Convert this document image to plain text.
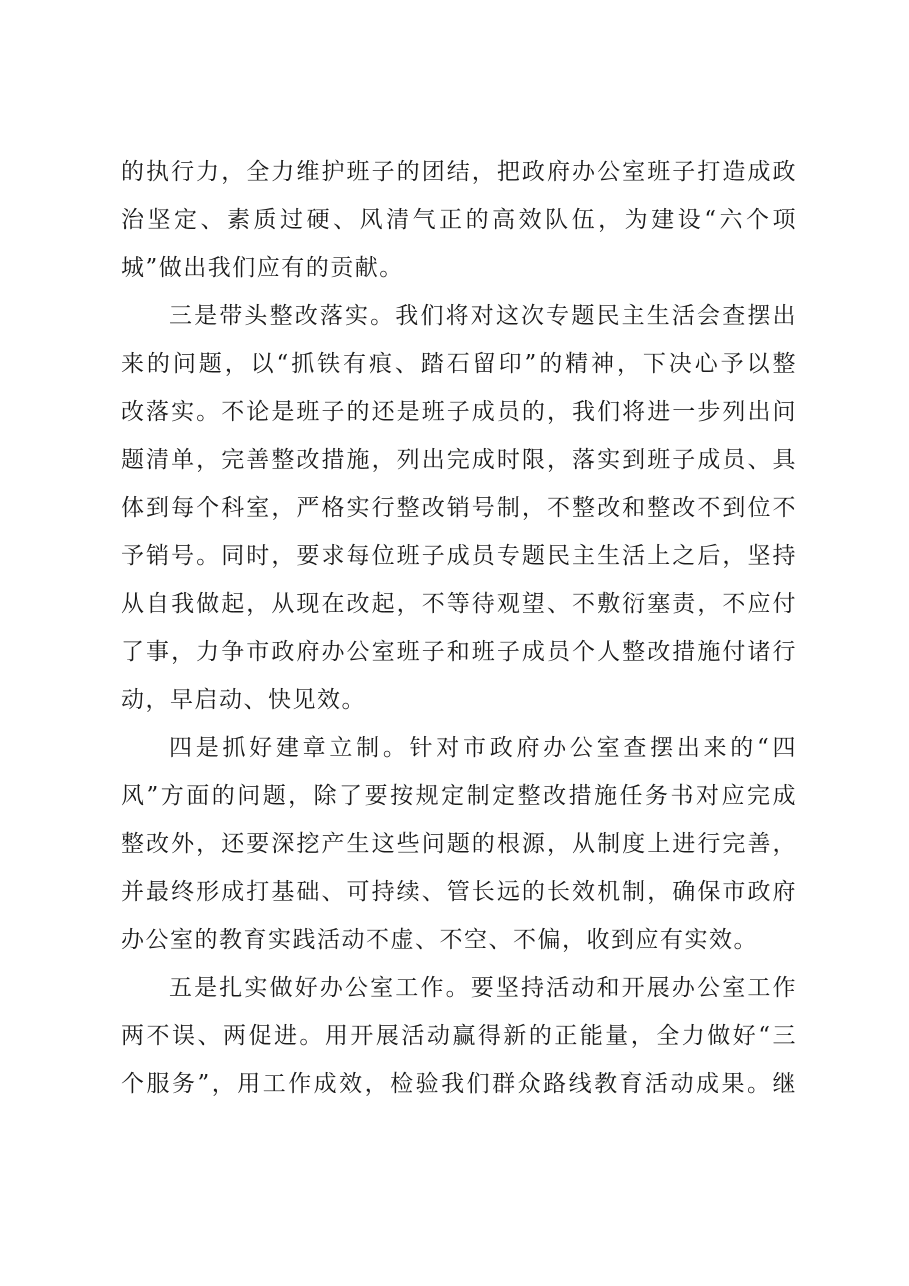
的执行力，全力维护班子的团结，把政府办公室班子打造成政
治坚定、素质过硬、风清气正的高效队伍，为建设“六个项
城”做出我们应有的贡献。
三是带头整改落实。我们将对这次专题民主生活会查摆出
来的问题，以“抓铁有痕、踏石留印”的精神，下决心予以整
改落实。不论是班子的还是班子成员的，我们将进一步列出问
题清单，完善整改措施，列出完成时限，落实到班子成员、具
体到每个科室，严格实行整改销号制，不整改和整改不到位不
予销号。同时，要求每位班子成员专题民主生活上之后，坚持
从自我做起，从现在改起，不等待观望、不敷衍塞责，不应付
了事，力争市政府办公室班子和班子成员个人整改措施付诸行
动，早启动、快见效。
四是抓好建章立制。针对市政府办公室查摆出来的“四
风”方面的问题，除了要按规定制定整改措施任务书对应完成
整改外，还要深挖产生这些问题的根源，从制度上进行完善，
并最终形成打基础、可持续、管长远的长效机制，确保市政府
办公室的教育实践活动不虚、不空、不偏，收到应有实效。
五是扎实做好办公室工作。要坚持活动和开展办公室工作
两不误、两促进。用开展活动赢得新的正能量，全力做好“三
个服务”，用工作成效，检验我们群众路线教育活动成果。继
